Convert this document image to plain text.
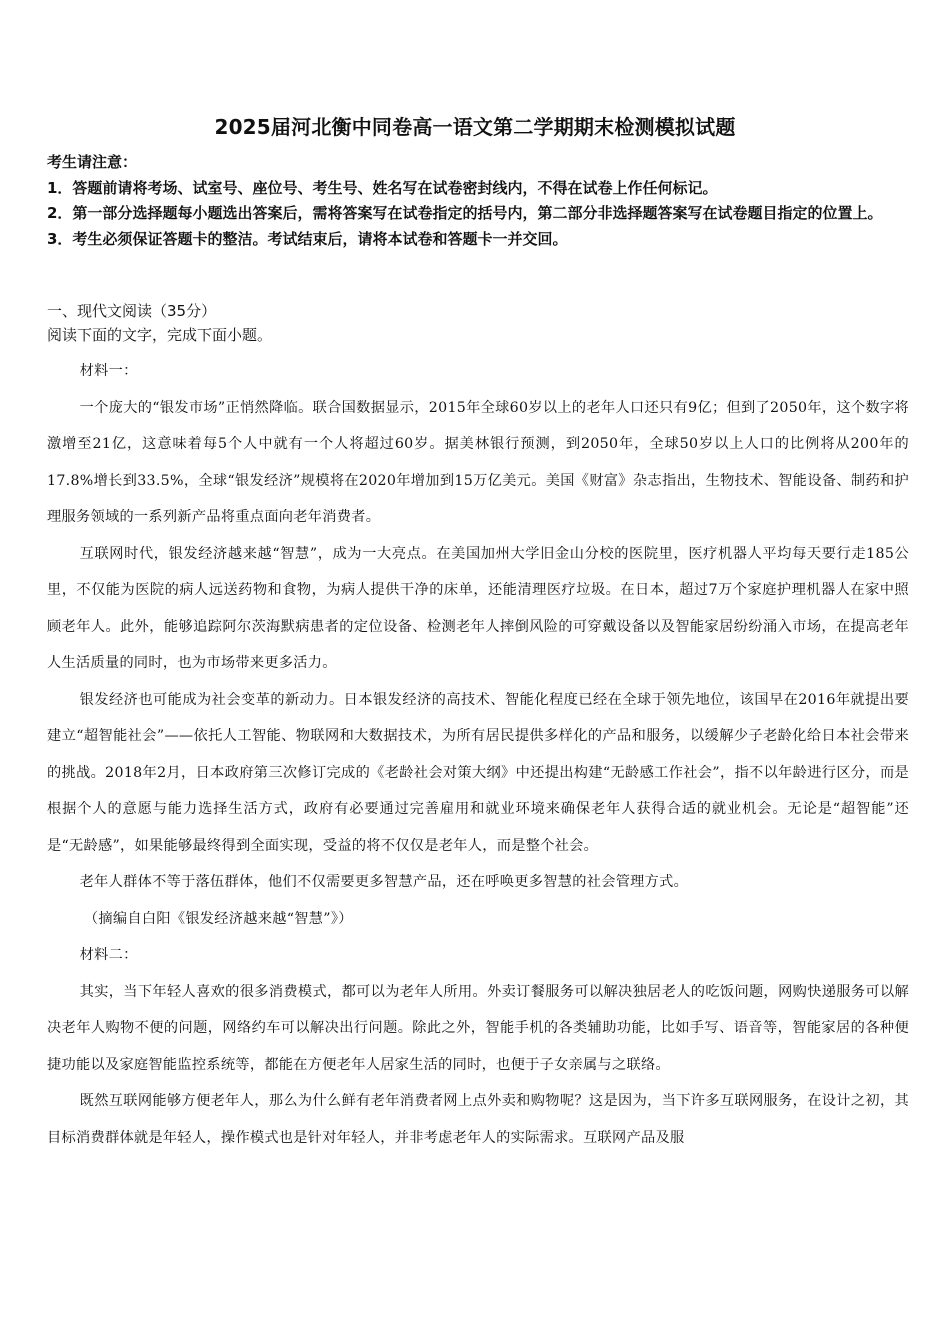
2025届河北衡中同卷高一语文第二学期期末检测模拟试题
考生请注意：
1．答题前请将考场、试室号、座位号、考生号、姓名写在试卷密封线内，不得在试卷上作任何标记。
2．第一部分选择题每小题选出答案后，需将答案写在试卷指定的括号内，第二部分非选择题答案写在试卷题目指定的位置上。
3．考生必须保证答题卡的整洁。考试结束后，请将本试卷和答题卡一并交回。
一、现代文阅读（35分）
阅读下面的文字，完成下面小题。

材料一：

一个庞大的“银发市场”正悄然降临。联合国数据显示，2015年全球60岁以上的老年人口还只有9亿；但到了2050年，这个数字将激增至21亿，这意味着每5个人中就有一个人将超过60岁。据美林银行预测，到2050年，全球50岁以上人口的比例将从200年的17.8%增长到33.5%，全球“银发经济”规模将在2020年增加到15万亿美元。美国《财富》杂志指出，生物技术、智能设备、制药和护理服务领域的一系列新产品将重点面向老年消费者。

互联网时代，银发经济越来越“智慧”，成为一大亮点。在美国加州大学旧金山分校的医院里，医疗机器人平均每天要行走185公里，不仅能为医院的病人远送药物和食物，为病人提供干净的床单，还能清理医疗垃圾。在日本，超过7万个家庭护理机器人在家中照顾老年人。此外，能够追踪阿尔茨海默病患者的定位设备、检测老年人摔倒风险的可穿戴设备以及智能家居纷纷涌入市场，在提高老年人生活质量的同时，也为市场带来更多活力。

银发经济也可能成为社会变革的新动力。日本银发经济的高技术、智能化程度已经在全球于领先地位，该国早在2016年就提出要建立“超智能社会”——依托人工智能、物联网和大数据技术，为所有居民提供多样化的产品和服务，以缓解少子老龄化给日本社会带来的挑战。2018年2月，日本政府第三次修订完成的《老龄社会对策大纲》中还提出构建“无龄感工作社会”，指不以年龄进行区分，而是根据个人的意愿与能力选择生活方式，政府有必要通过完善雇用和就业环境来确保老年人获得合适的就业机会。无论是“超智能”还是“无龄感”，如果能够最终得到全面实现，受益的将不仅仅是老年人，而是整个社会。

老年人群体不等于落伍群体，他们不仅需要更多智慧产品，还在呼唤更多智慧的社会管理方式。

（摘编自白阳《银发经济越来越“智慧”》）

材料二：

其实，当下年轻人喜欢的很多消费模式，都可以为老年人所用。外卖订餐服务可以解决独居老人的吃饭问题，网购快递服务可以解决老年人购物不便的问题，网络约车可以解决出行问题。除此之外，智能手机的各类辅助功能，比如手写、语音等，智能家居的各种便捷功能以及家庭智能监控系统等，都能在方便老年人居家生活的同时，也便于子女亲属与之联络。

既然互联网能够方便老年人，那么为什么鲜有老年消费者网上点外卖和购物呢？这是因为，当下许多互联网服务，在设计之初，其目标消费群体就是年轻人，操作模式也是针对年轻人，并非考虑老年人的实际需求。互联网产品及服
